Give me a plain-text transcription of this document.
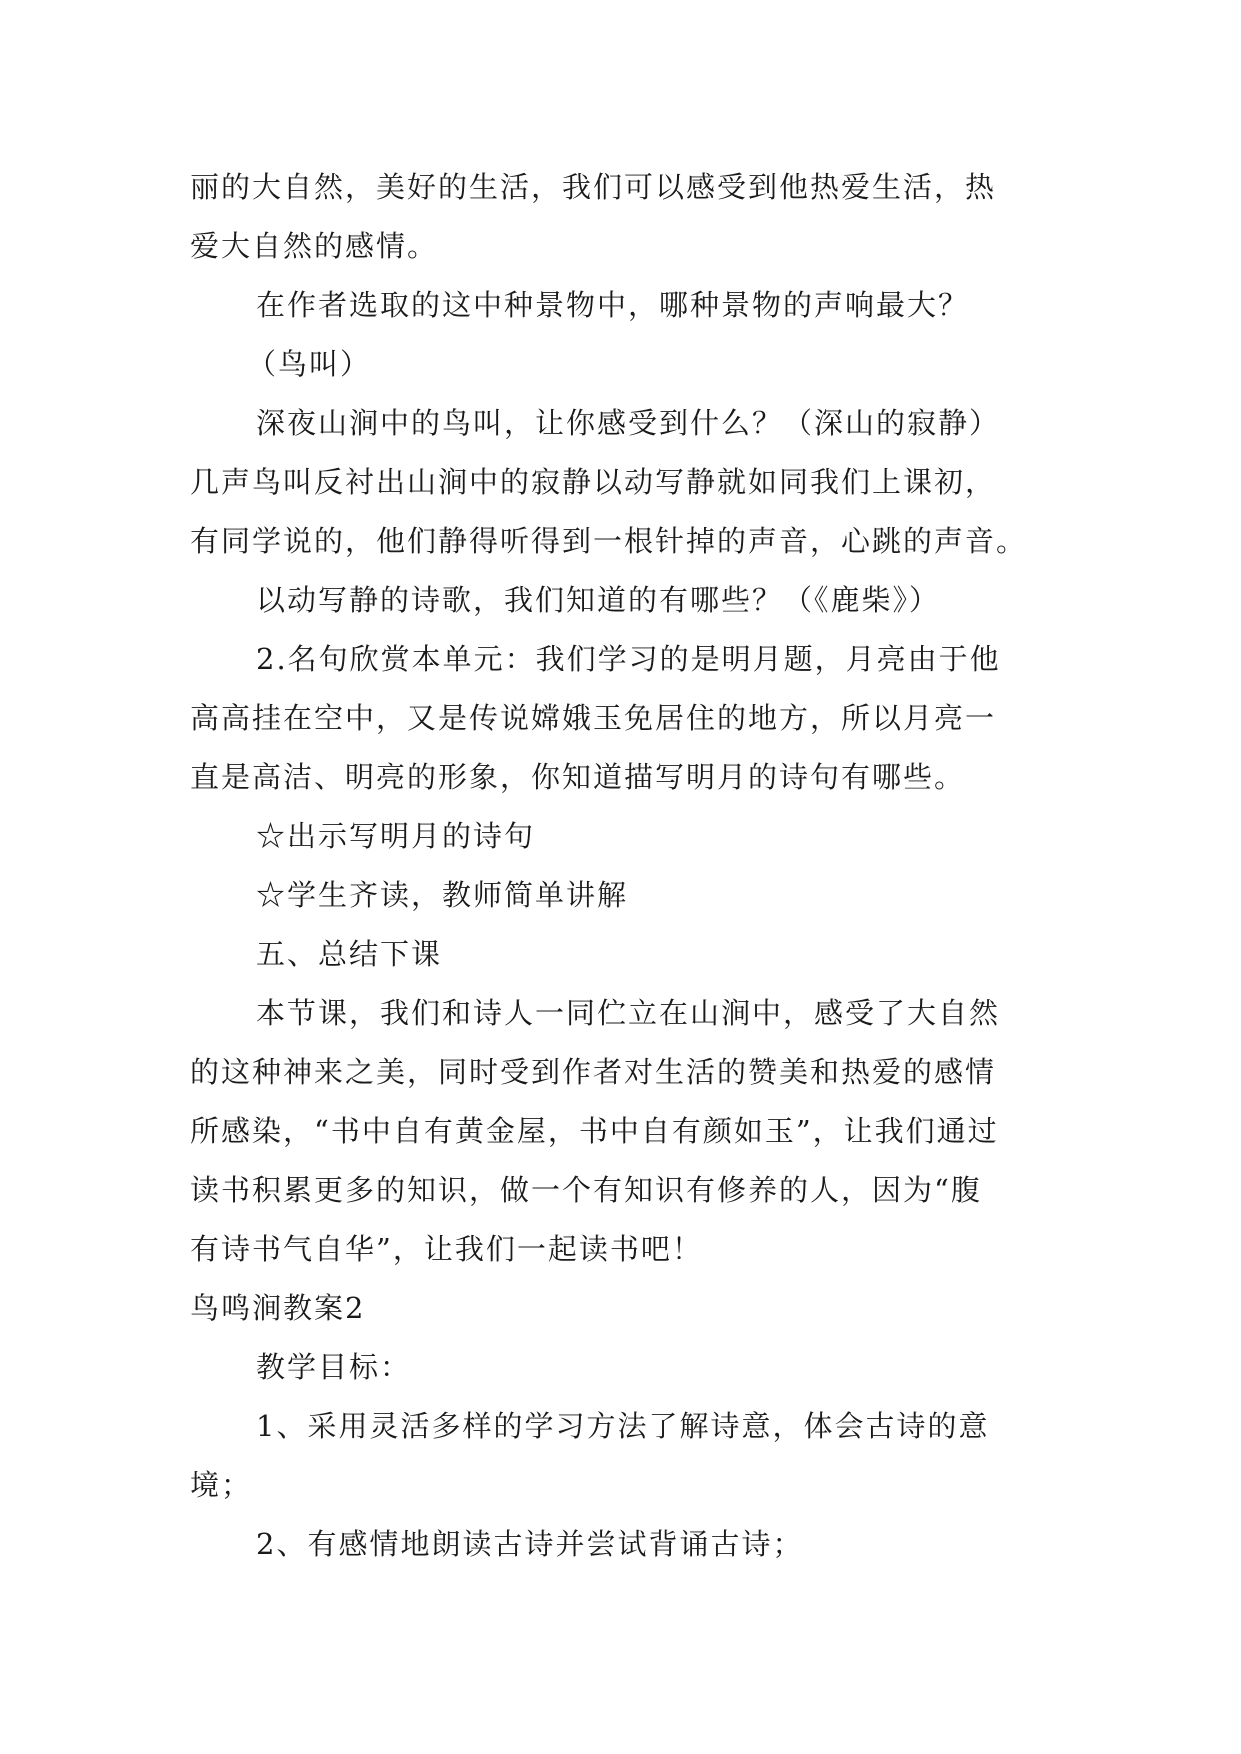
丽的大自然，美好的生活，我们可以感受到他热爱生活，热
爱大自然的感情。
在作者选取的这中种景物中，哪种景物的声响最大？
（鸟叫）
深夜山涧中的鸟叫，让你感受到什么？（深山的寂静）
几声鸟叫反衬出山涧中的寂静以动写静就如同我们上课初，
有同学说的，他们静得听得到一根针掉的声音，心跳的声音。
以动写静的诗歌，我们知道的有哪些？（《鹿柴》）
2.名句欣赏本单元：我们学习的是明月题，月亮由于他
高高挂在空中，又是传说嫦娥玉免居住的地方，所以月亮一
直是高洁、明亮的形象，你知道描写明月的诗句有哪些。
☆出示写明月的诗句
☆学生齐读，教师简单讲解
五、总结下课
本节课，我们和诗人一同伫立在山涧中，感受了大自然
的这种神来之美，同时受到作者对生活的赞美和热爱的感情
所感染，“书中自有黄金屋，书中自有颜如玉”，让我们通过
读书积累更多的知识，做一个有知识有修养的人，因为“腹
有诗书气自华”，让我们一起读书吧！
鸟鸣涧教案2
教学目标：
1、采用灵活多样的学习方法了解诗意，体会古诗的意
境；
2、有感情地朗读古诗并尝试背诵古诗；
